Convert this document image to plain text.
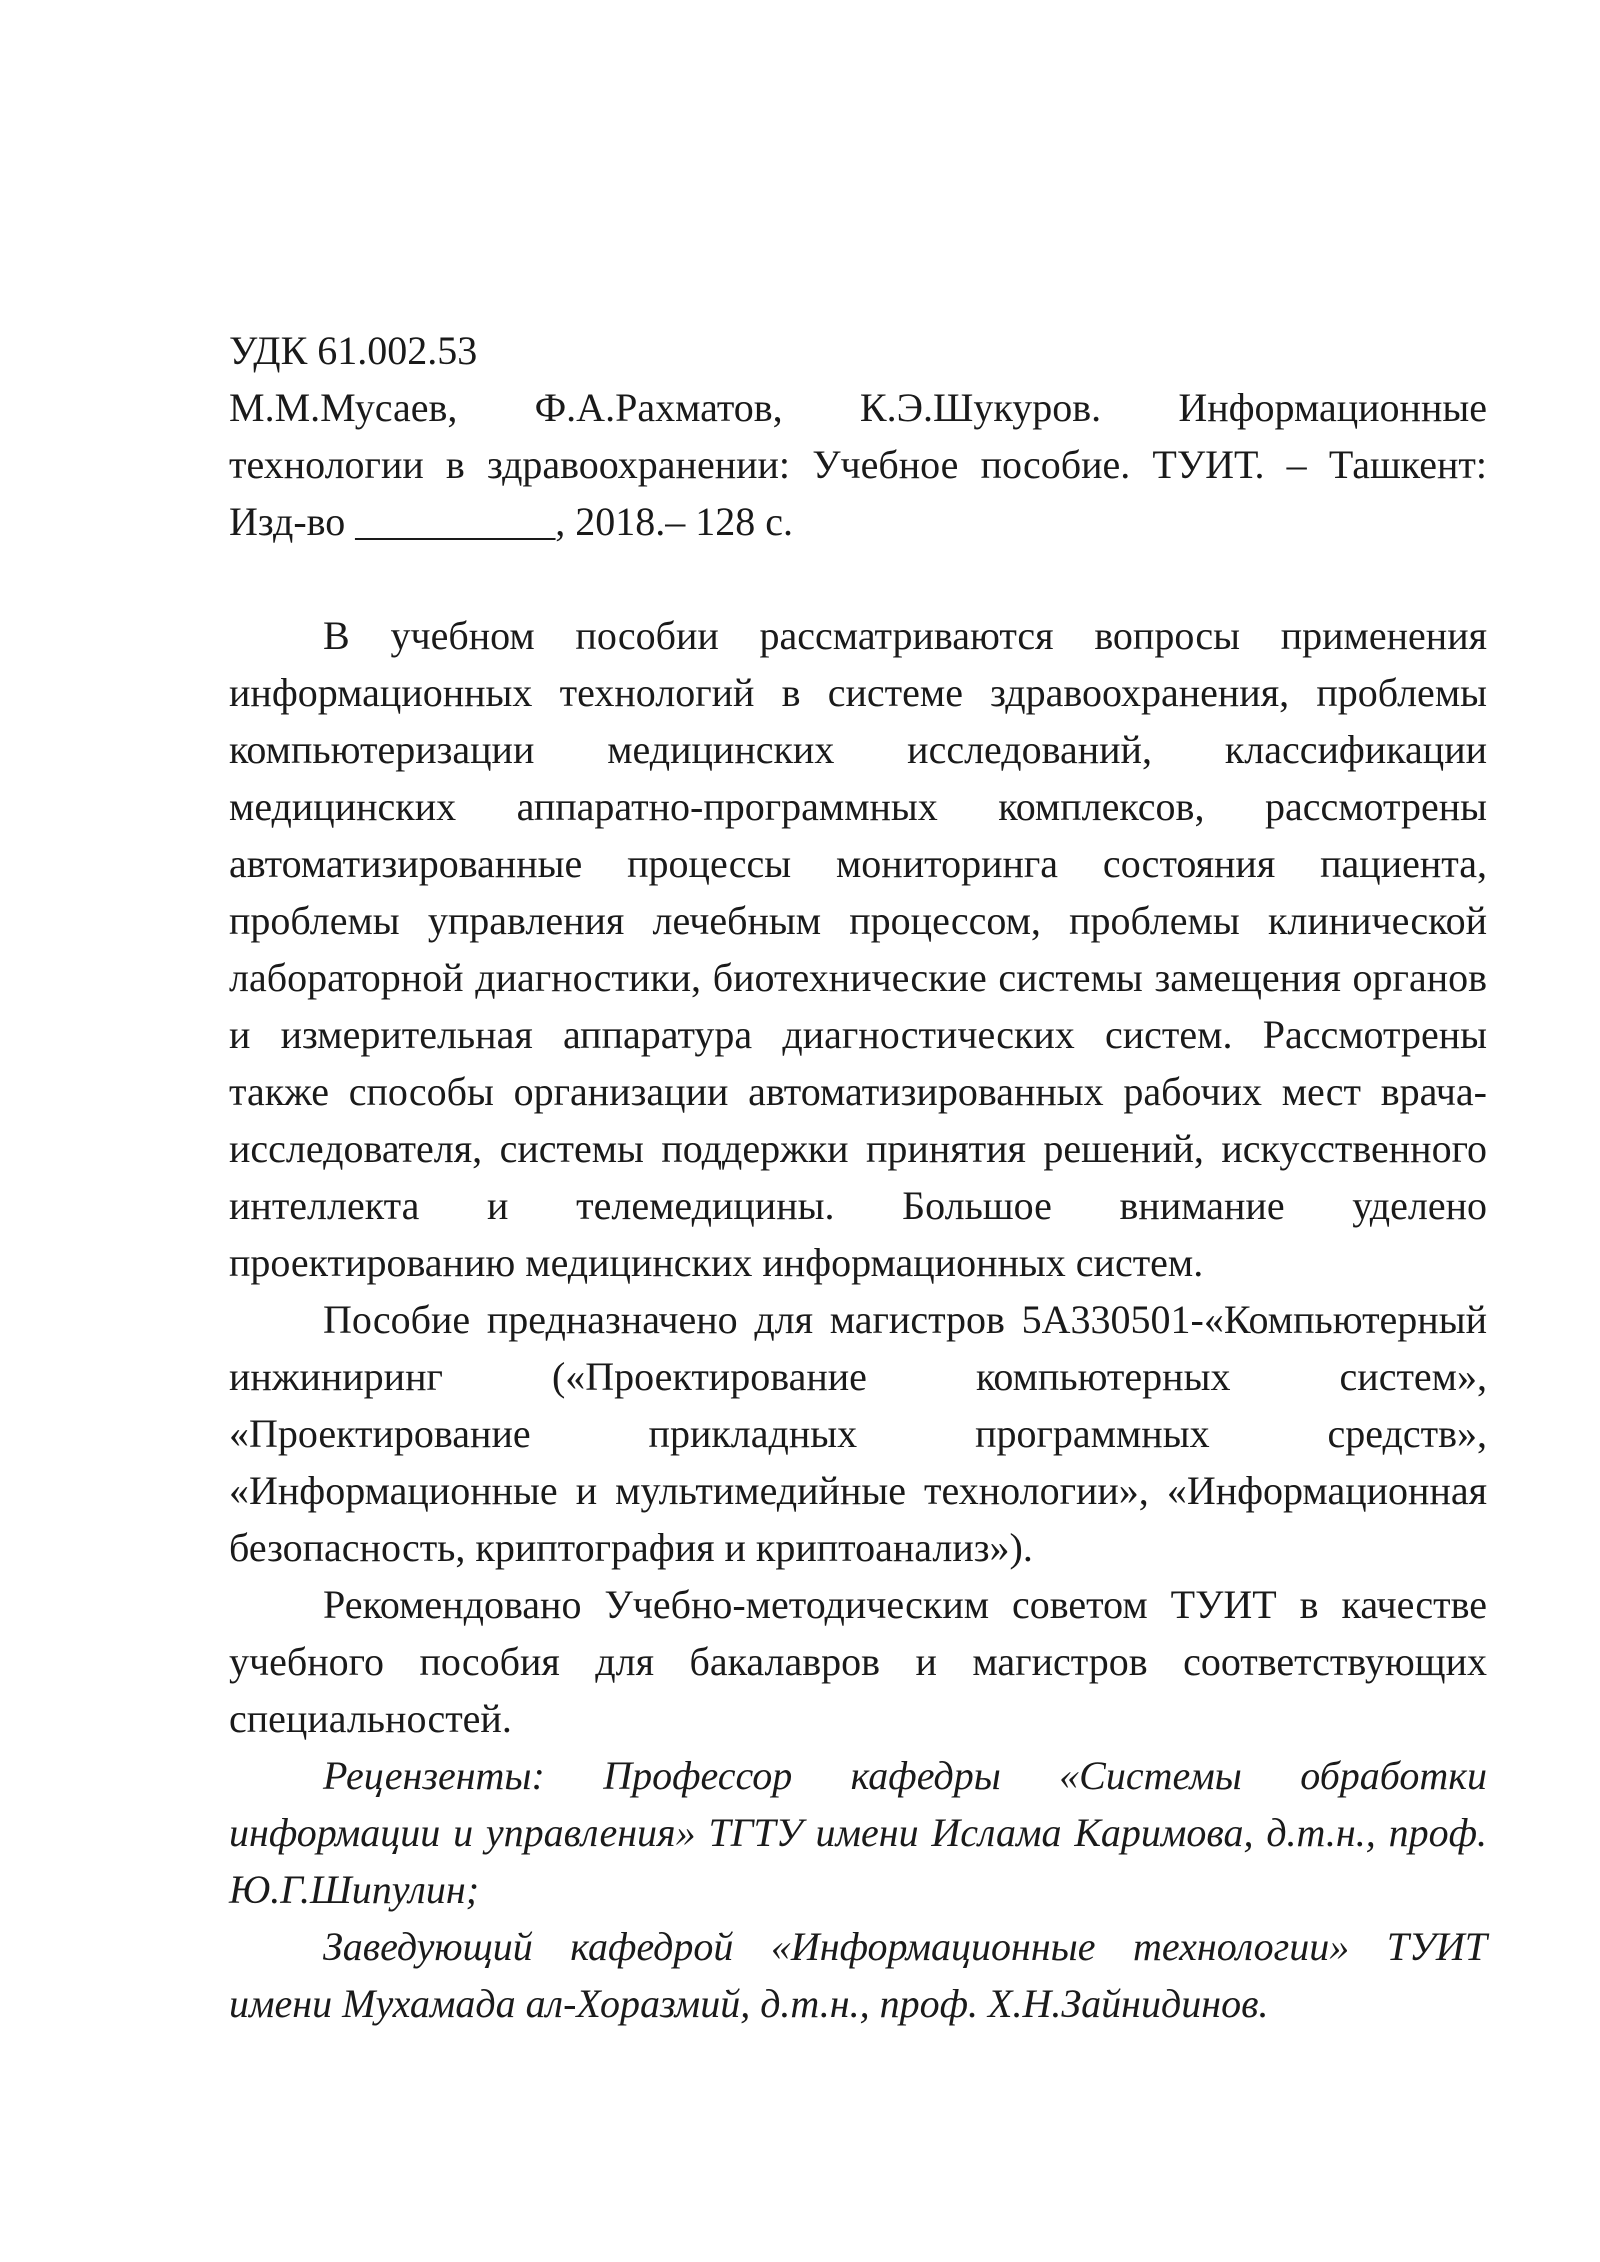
УДК 61.002.53

М.М.Мусаев, Ф.А.Рахматов, К.Э.Шукуров. Информационные технологии в здравоохранении: Учебное пособие. ТУИТ. – Ташкент: Изд-во __________, 2018.– 128 с.

В учебном пособии рассматриваются вопросы применения информационных технологий в системе здравоохранения, проблемы компьютеризации медицинских исследований, классификации медицинских аппаратно-программных комплексов, рассмотрены автоматизированные процессы мониторинга состояния пациента, проблемы управления лечебным процессом, проблемы клинической лабораторной диагностики, биотехнические системы замещения органов и измерительная аппаратура диагностических систем. Рассмотрены также способы организации автоматизированных рабочих мест врача-исследователя, системы поддержки принятия решений, искусственного интеллекта и телемедицины. Большое внимание уделено проектированию медицинских информационных систем.

Пособие предназначено для магистров 5А330501-«Компьютерный инжиниринг («Проектирование компьютерных систем», «Проектирование прикладных программных средств», «Информационные и мультимедийные технологии», «Информационная безопасность, криптография и криптоанализ»).

Рекомендовано Учебно-методическим советом ТУИТ в качестве учебного пособия для бакалавров и магистров соответствующих специальностей.

Рецензенты: Профессор кафедры «Системы обработки информации и управления» ТГТУ имени Ислама Каримова, д.т.н., проф. Ю.Г.Шипулин;

Заведующий кафедрой «Информационные технологии» ТУИТ имени Мухамада ал-Хоразмий, д.т.н., проф. Х.Н.Зайнидинов.
